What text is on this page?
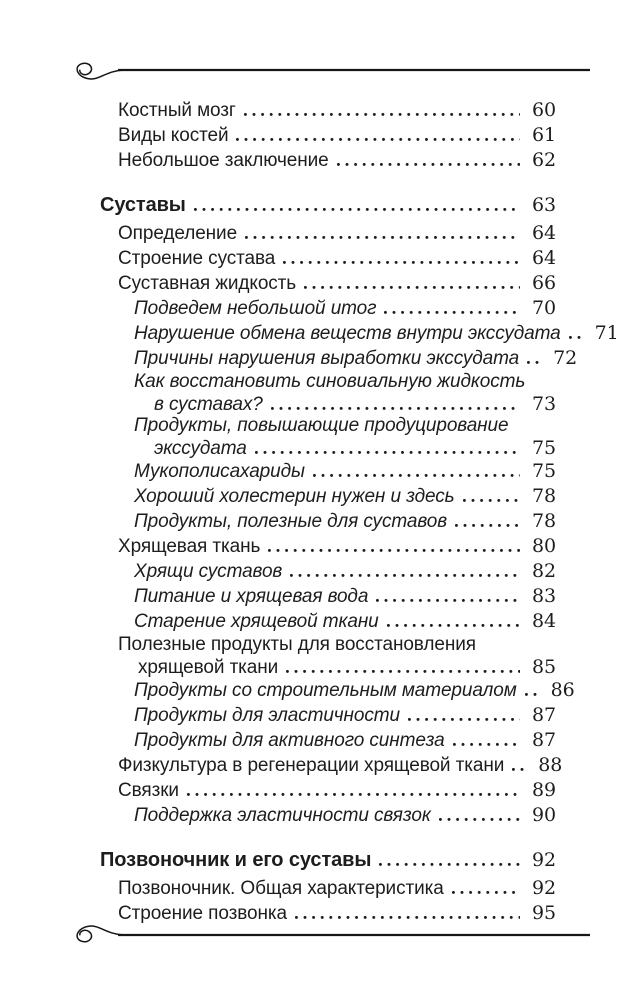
Костный мозг	60
Виды костей	61
Небольшое заключение	62
Суставы	63
Определение	64
Строение сустава	64
Суставная жидкость	66
Подведем небольшой итог	70
Нарушение обмена веществ внутри экссудата	71
Причины нарушения выработки экссудата	72
Как восстановить синовиальную жидкость
в суставах?	73
Продукты, повышающие продуцирование
экссудата	75
Мукополисахариды	75
Хороший холестерин нужен и здесь	78
Продукты, полезные для суставов	78
Хрящевая ткань	80
Хрящи суставов	82
Питание и хрящевая вода	83
Старение хрящевой ткани	84
Полезные продукты для восстановления
хрящевой ткани	85
Продукты со строительным материалом	86
Продукты для эластичности	87
Продукты для активного синтеза	87
Физкультура в регенерации хрящевой ткани	88
Связки	89
Поддержка эластичности связок	90
Позвоночник и его суставы	92
Позвоночник. Общая характеристика	92
Строение позвонка	95
